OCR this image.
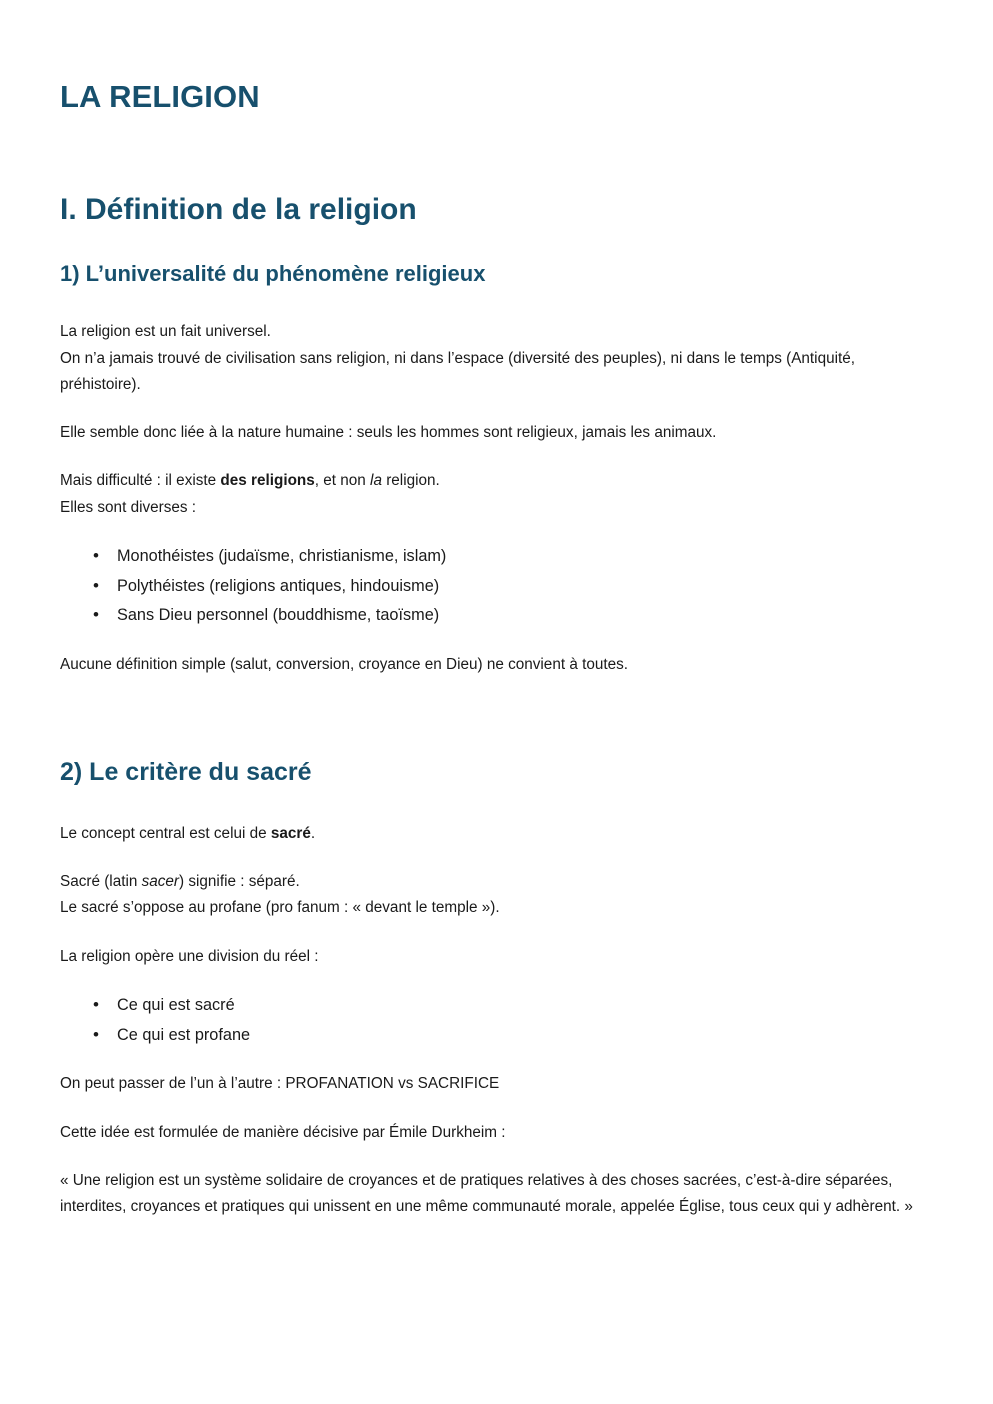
LA RELIGION
I. Définition de la religion
1) L’universalité du phénomène religieux

La religion est un fait universel.
On n’a jamais trouvé de civilisation sans religion, ni dans l’espace (diversité des peuples), ni dans le temps (Antiquité, préhistoire).

Elle semble donc liée à la nature humaine : seuls les hommes sont religieux, jamais les animaux.

Mais difficulté : il existe des religions, et non la religion.
Elles sont diverses :

• Monothéistes (judaïsme, christianisme, islam)
• Polythéistes (religions antiques, hindouisme)
• Sans Dieu personnel (bouddhisme, taoïsme)

Aucune définition simple (salut, conversion, croyance en Dieu) ne convient à toutes.

2) Le critère du sacré

Le concept central est celui de sacré.

Sacré (latin sacer) signifie : séparé.
Le sacré s’oppose au profane (pro fanum : « devant le temple »).

La religion opère une division du réel :

• Ce qui est sacré
• Ce qui est profane

On peut passer de l’un à l’autre : PROFANATION vs SACRIFICE

Cette idée est formulée de manière décisive par Émile Durkheim :

« Une religion est un système solidaire de croyances et de pratiques relatives à des choses sacrées, c’est-à-dire séparées, interdites, croyances et pratiques qui unissent en une même communauté morale, appelée Église, tous ceux qui y adhèrent. »
